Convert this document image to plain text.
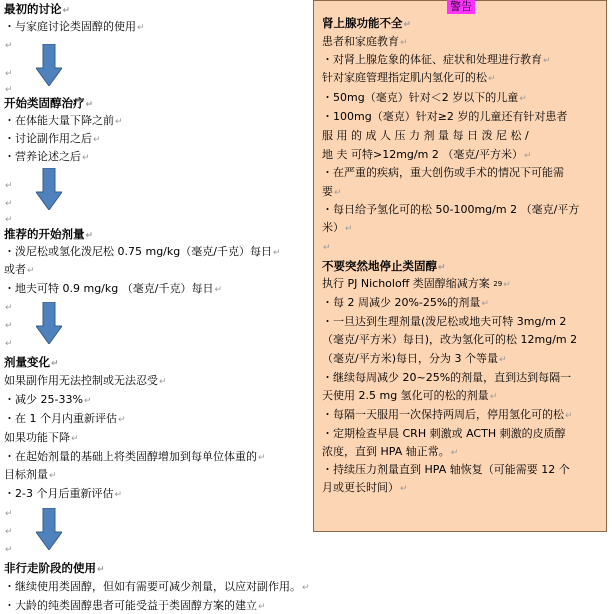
最初的讨论↵
・与家庭讨论类固醇的使用↵
↵
↵
↵
开始类固醇治疗↵
・在体能大量下降之前↵
・讨论副作用之后↵
・营养论述之后↵
↵
↵
↵
推荐的开始剂量↵
・泼尼松或氢化泼尼松 0.75 mg/kg（毫克/千克）每日↵
或者↵
・地夫可特 0.9 mg/kg （毫克/千克）每日↵
↵
↵
↵
剂量变化↵
如果副作用无法控制或无法忍受↵
・减少 25-33%↵
・在 1 个月内重新评估↵
如果功能下降↵
・在起始剂量的基础上将类固醇增加到每单位体重的↵
目标剂量↵
・2-3 个月后重新评估↵
↵
↵
↵
非行走阶段的使用↵
・继续使用类固醇，但如有需要可减少剂量，以应对副作用。↵
・大龄的纯类固醇患者可能受益于类固醇方案的建立↵
警告
肾上腺功能不全↵
患者和家庭教育↵
・对肾上腺危象的体征、症状和处理进行教育↵
针对家庭管理指定肌内氢化可的松↵
・50mg（毫克）针对＜2 岁以下的儿童↵
・100mg（毫克）针对≥2 岁的儿童还有针对患者
服 用 的 成 人 压 力 剂 量 每 日 泼 尼 松 /
地 夫 可特>12mg/m 2 （毫克/平方米）↵
・在严重的疾病，重大创伤或手术的情况下可能需
要↵
・每日给予氢化可的松 50-100mg/m 2 （毫克/平方
米）↵
↵
不要突然地停止类固醇↵
执行 PJ Nicholoff 类固醇缩减方案 $^{29}$↵
・每 2 周减少 20%-25%的剂量↵
・一旦达到生理剂量(泼尼松或地夫可特 3mg/m 2
（毫克/平方米）每日)，改为氢化可的松 12mg/m 2
（毫克/平方米)每日，分为 3 个等量↵
・继续每周减少 20~25%的剂量，直到达到每隔一
天使用 2.5 mg 氢化可的松的剂量↵
・每隔一天服用一次保持两周后，停用氢化可的松↵
・定期检查早晨 CRH 刺激或 ACTH 刺激的皮质醇
浓度，直到 HPA 轴正常。↵
・持续压力剂量直到 HPA 轴恢复（可能需要 12 个
月或更长时间）↵
